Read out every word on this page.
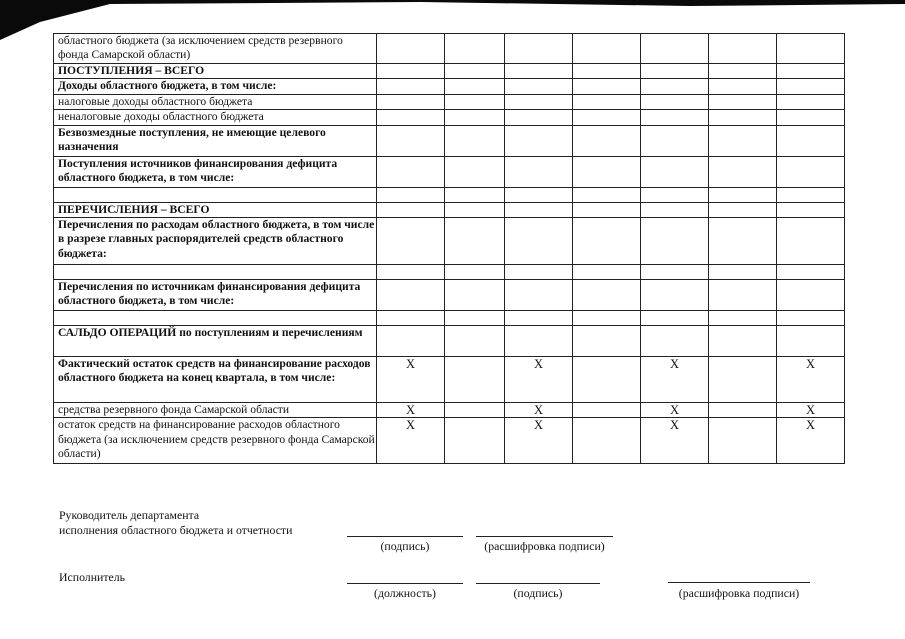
областного бюджета (за исключением средств резервного фонда Самарской области)							
ПОСТУПЛЕНИЯ – ВСЕГО							
Доходы областного бюджета, в том числе:							
налоговые доходы областного бюджета							
неналоговые доходы областного бюджета							
Безвозмездные поступления, не имеющие целевого назначения							
Поступления источников финансирования дефицита областного бюджета, в том числе:							

ПЕРЕЧИСЛЕНИЯ – ВСЕГО							
Перечисления по расходам областного бюджета, в том числе в разрезе главных распорядителей средств областного бюджета:							

Перечисления по источникам финансирования дефицита областного бюджета, в том числе:							

САЛЬДО ОПЕРАЦИЙ по поступлениям и перечислениям							
Фактический остаток средств на финансирование расходов областного бюджета на конец квартала, в том числе:	X		X		X		X
средства резервного фонда Самарской области	X		X		X		X
остаток средств на финансирование расходов областного бюджета (за исключением средств резервного фонда Самарской области)	X		X		X		X
Руководитель департамента
исполнения областного бюджета и отчетности
(подпись)	(расшифровка подписи)
Исполнитель
(должность)	(подпись)	(расшифровка подписи)
